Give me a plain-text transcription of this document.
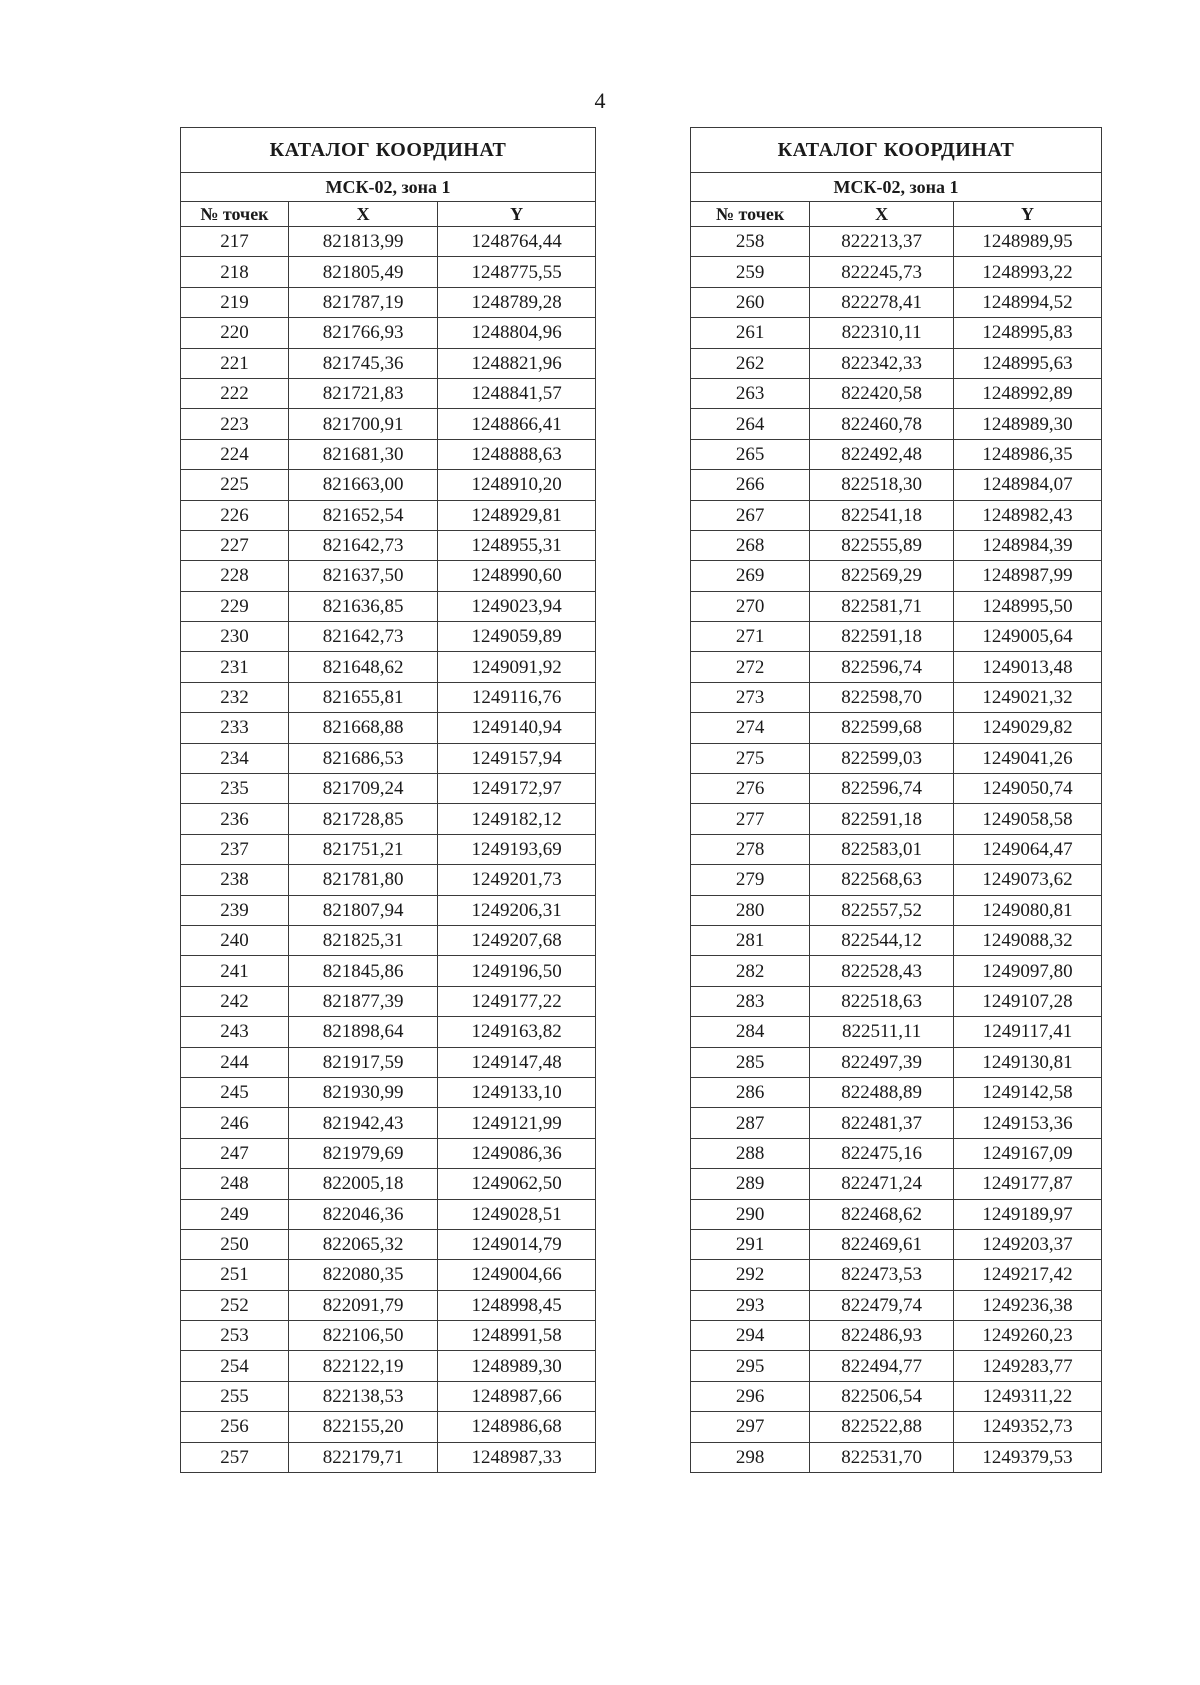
4
КАТАЛОГ КООРДИНАТ		
МСК-02, зона 1		
№ точек	X	Y
217	821813,99	1248764,44
218	821805,49	1248775,55
219	821787,19	1248789,28
220	821766,93	1248804,96
221	821745,36	1248821,96
222	821721,83	1248841,57
223	821700,91	1248866,41
224	821681,30	1248888,63
225	821663,00	1248910,20
226	821652,54	1248929,81
227	821642,73	1248955,31
228	821637,50	1248990,60
229	821636,85	1249023,94
230	821642,73	1249059,89
231	821648,62	1249091,92
232	821655,81	1249116,76
233	821668,88	1249140,94
234	821686,53	1249157,94
235	821709,24	1249172,97
236	821728,85	1249182,12
237	821751,21	1249193,69
238	821781,80	1249201,73
239	821807,94	1249206,31
240	821825,31	1249207,68
241	821845,86	1249196,50
242	821877,39	1249177,22
243	821898,64	1249163,82
244	821917,59	1249147,48
245	821930,99	1249133,10
246	821942,43	1249121,99
247	821979,69	1249086,36
248	822005,18	1249062,50
249	822046,36	1249028,51
250	822065,32	1249014,79
251	822080,35	1249004,66
252	822091,79	1248998,45
253	822106,50	1248991,58
254	822122,19	1248989,30
255	822138,53	1248987,66
256	822155,20	1248986,68
257	822179,71	1248987,33
КАТАЛОГ КООРДИНАТ		
МСК-02, зона 1		
№ точек	X	Y
258	822213,37	1248989,95
259	822245,73	1248993,22
260	822278,41	1248994,52
261	822310,11	1248995,83
262	822342,33	1248995,63
263	822420,58	1248992,89
264	822460,78	1248989,30
265	822492,48	1248986,35
266	822518,30	1248984,07
267	822541,18	1248982,43
268	822555,89	1248984,39
269	822569,29	1248987,99
270	822581,71	1248995,50
271	822591,18	1249005,64
272	822596,74	1249013,48
273	822598,70	1249021,32
274	822599,68	1249029,82
275	822599,03	1249041,26
276	822596,74	1249050,74
277	822591,18	1249058,58
278	822583,01	1249064,47
279	822568,63	1249073,62
280	822557,52	1249080,81
281	822544,12	1249088,32
282	822528,43	1249097,80
283	822518,63	1249107,28
284	822511,11	1249117,41
285	822497,39	1249130,81
286	822488,89	1249142,58
287	822481,37	1249153,36
288	822475,16	1249167,09
289	822471,24	1249177,87
290	822468,62	1249189,97
291	822469,61	1249203,37
292	822473,53	1249217,42
293	822479,74	1249236,38
294	822486,93	1249260,23
295	822494,77	1249283,77
296	822506,54	1249311,22
297	822522,88	1249352,73
298	822531,70	1249379,53
